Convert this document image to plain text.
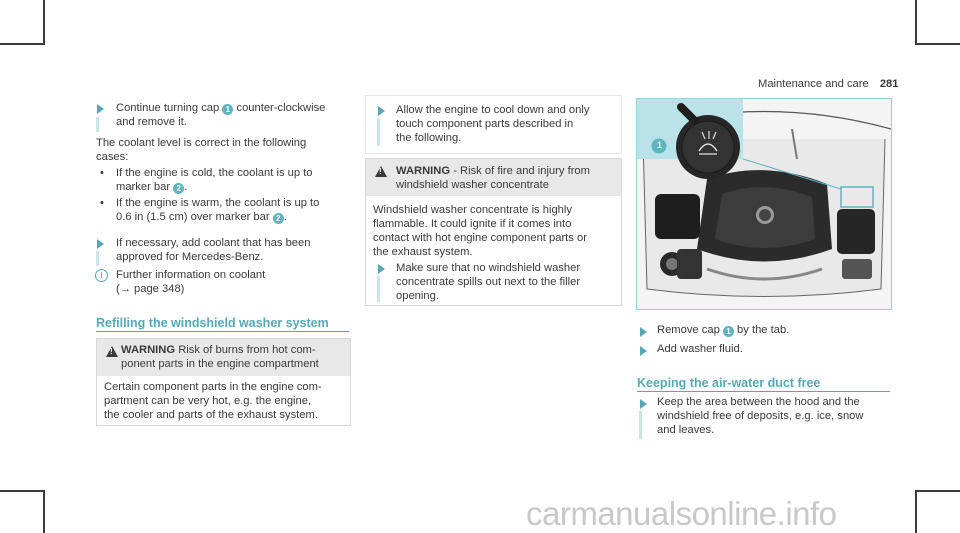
Maintenance and care 281
Continue turning cap 1 counter-clockwise
and remove it.
The coolant level is correct in the following
cases:
• If the engine is cold, the coolant is up to
marker bar 2 .
• If the engine is warm, the coolant is up to
0.6 in (1.5 cm) over marker bar 2 .
If necessary, add coolant that has been
approved for Mercedes-Benz.
i	Further information on coolant
(→ page 348)
Refilling the windshield washer system
!
WARNING Risk of burns from hot com-
ponent parts in the engine compartment
Certain component parts in the engine com-
partment can be very hot, e.g. the engine,
the cooler and parts of the exhaust system.
Allow the engine to cool down and only
touch component parts described in
the following.
!
WARNING - Risk of fire and injury from
windshield washer concentrate
Windshield washer concentrate is highly
flammable. It could ignite if it comes into
contact with hot engine component parts or
the exhaust system.
Make sure that no windshield washer
concentrate spills out next to the filler
opening.
1
Remove cap 1 by the tab.
Add washer fluid.
Keeping the air-water duct free
Keep the area between the hood and the
windshield free of deposits, e.g. ice, snow
and leaves.
carmanualsonline.info
